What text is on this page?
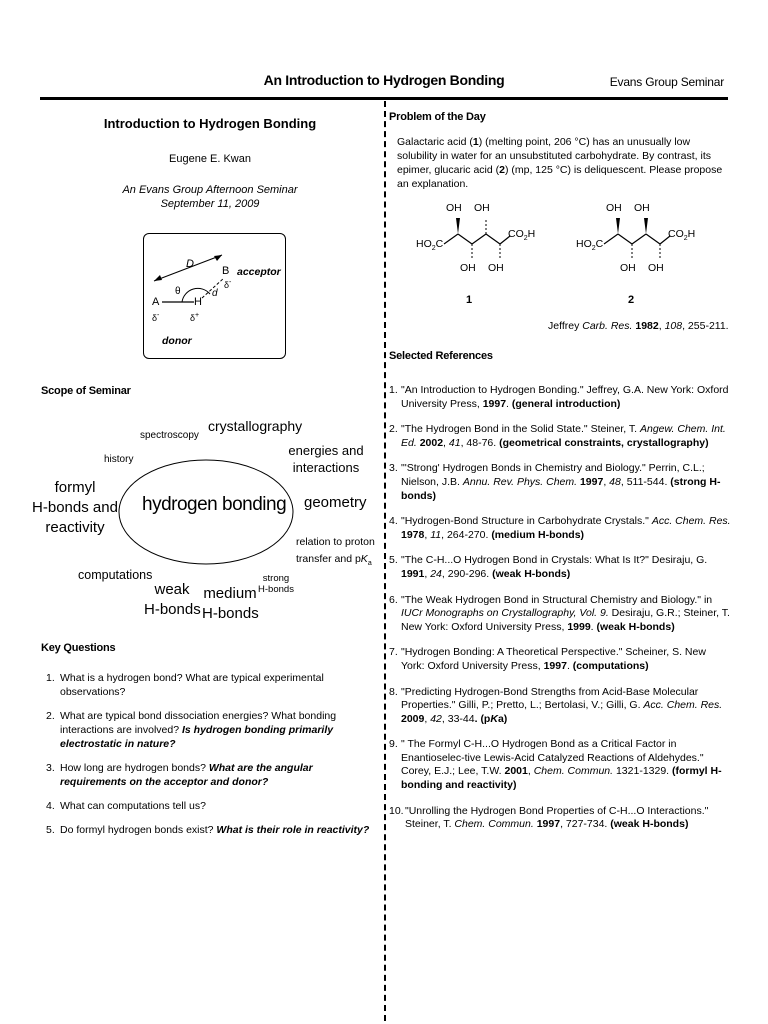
An Introduction to Hydrogen Bonding	Evans Group Seminar
Introduction to Hydrogen Bonding
Eugene E. Kwan
An Evans Group Afternoon Seminar
September 11, 2009
D
B acceptor
δ-
θ	d
A	H
δ-	δ+
donor
Scope of Seminar
hydrogen bonding
spectroscopy
crystallography
energies and
interactions
history
geometry
formyl
H-bonds and
reactivity
relation to proton
transfer and $pK_a$
computations	strong
H-bonds
weak
H-bonds
medium
H-bonds
Key Questions
1. What is a hydrogen bond? What are typical experimental observations?
2. What are typical bond dissociation energies? What bonding interactions are involved? Is hydrogen bonding primarily electrostatic in nature?
3. How long are hydrogen bonds? What are the angular requirements on the acceptor and donor?
4. What can computations tell us?
5. Do formyl hydrogen bonds exist? What is their role in reactivity?
Problem of the Day
Galactaric acid (1) (melting point, 206 °C) has an unusually low solubility in water for an unsubstituted carbohydrate. By contrast, its epimer, glucaric acid (2) (mp, 125 °C) is deliquescent. Please propose an explanation.
OH OH
$HO_2C$
$CO_2H$
OH OH
1
OH OH
$HO_2C$
$CO_2H$
OH OH
2
Jeffrey Carb. Res. 1982, 108, 255-211.
Selected References
1. "An Introduction to Hydrogen Bonding." Jeffrey, G.A. New York: Oxford University Press, 1997. (general introduction)
2. "The Hydrogen Bond in the Solid State." Steiner, T. Angew. Chem. Int. Ed. 2002, 41, 48-76. (geometrical constraints, crystallography)
3. "'Strong' Hydrogen Bonds in Chemistry and Biology." Perrin, C.L.; Nielson, J.B. Annu. Rev. Phys. Chem. 1997, 48, 511-544. (strong H-bonds)
4. "Hydrogen-Bond Structure in Carbohydrate Crystals." Acc. Chem. Res. 1978, 11, 264-270. (medium H-bonds)
5. "The C-H...O Hydrogen Bond in Crystals: What Is It?" Desiraju, G. 1991, 24, 290-296. (weak H-bonds)
6. "The Weak Hydrogen Bond in Structural Chemistry and Biology." in IUCr Monographs on Crystallography, Vol. 9. Desiraju, G.R.; Steiner, T. New York: Oxford University Press, 1999. (weak H-bonds)
7. "Hydrogen Bonding: A Theoretical Perspective." Scheiner, S. New York: Oxford University Press, 1997. (computations)
8. "Predicting Hydrogen-Bond Strengths from Acid-Base Molecular Properties." Gilli, P.; Pretto, L.; Bertolasi, V.; Gilli, G. Acc. Chem. Res. 2009, 42, 33-44. (pKa)
9. " The Formyl C-H...O Hydrogen Bond as a Critical Factor in Enantioselec-tive Lewis-Acid Catalyzed Reactions of Aldehydes." Corey, E.J.; Lee, T.W. 2001, Chem. Commun. 1321-1329. (formyl H-bonding and reactivity)
10. "Unrolling the Hydrogen Bond Properties of C-H...O Interactions." Steiner, T. Chem. Commun. 1997, 727-734. (weak H-bonds)
